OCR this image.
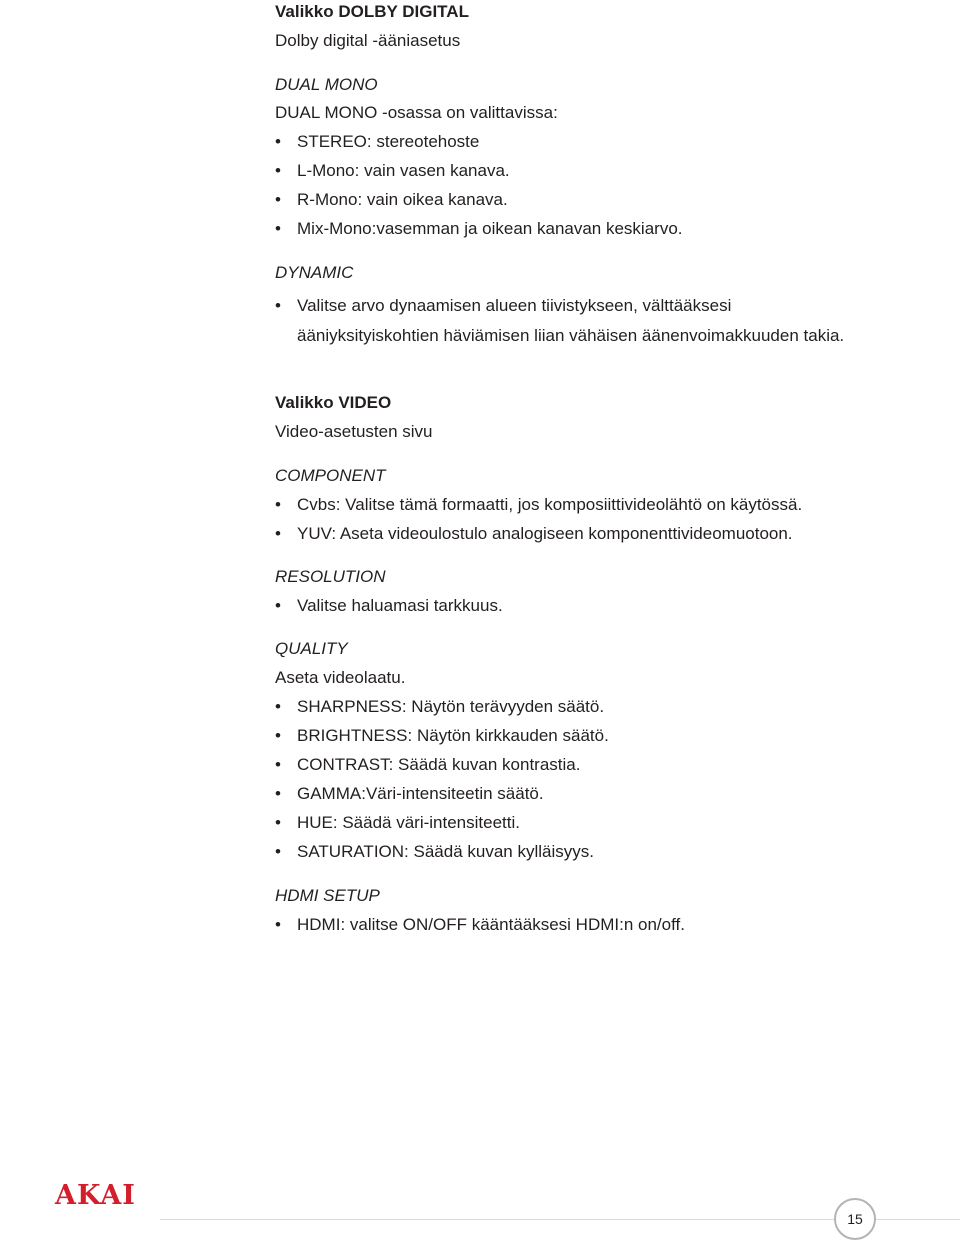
Valikko DOLBY DIGITAL
Dolby digital -ääniasetus
DUAL MONO
DUAL MONO -osassa on valittavissa:
• STEREO: stereotehoste
• L-Mono: vain vasen kanava.
• R-Mono: vain oikea kanava.
• Mix-Mono:vasemman ja oikean kanavan keskiarvo.
DYNAMIC
• Valitse arvo dynaamisen alueen tiivistykseen, välttääksesi ääniyksityiskohtien häviämisen liian vähäisen äänenvoimakkuuden takia.
Valikko VIDEO
Video-asetusten sivu
COMPONENT
• Cvbs: Valitse tämä formaatti, jos komposiittivideolähtö on käytössä.
• YUV: Aseta videoulostulo analogiseen komponenttivideomuotoon.
RESOLUTION
• Valitse haluamasi tarkkuus.
QUALITY
Aseta videolaatu.
• SHARPNESS: Näytön terävyyden säätö.
• BRIGHTNESS: Näytön kirkkauden säätö.
• CONTRAST: Säädä kuvan kontrastia.
• GAMMA:Väri-intensiteetin säätö.
• HUE: Säädä väri-intensiteetti.
• SATURATION: Säädä kuvan kylläisyys.
HDMI SETUP
• HDMI: valitse ON/OFF kääntääksesi HDMI:n on/off.
AKAI
15
